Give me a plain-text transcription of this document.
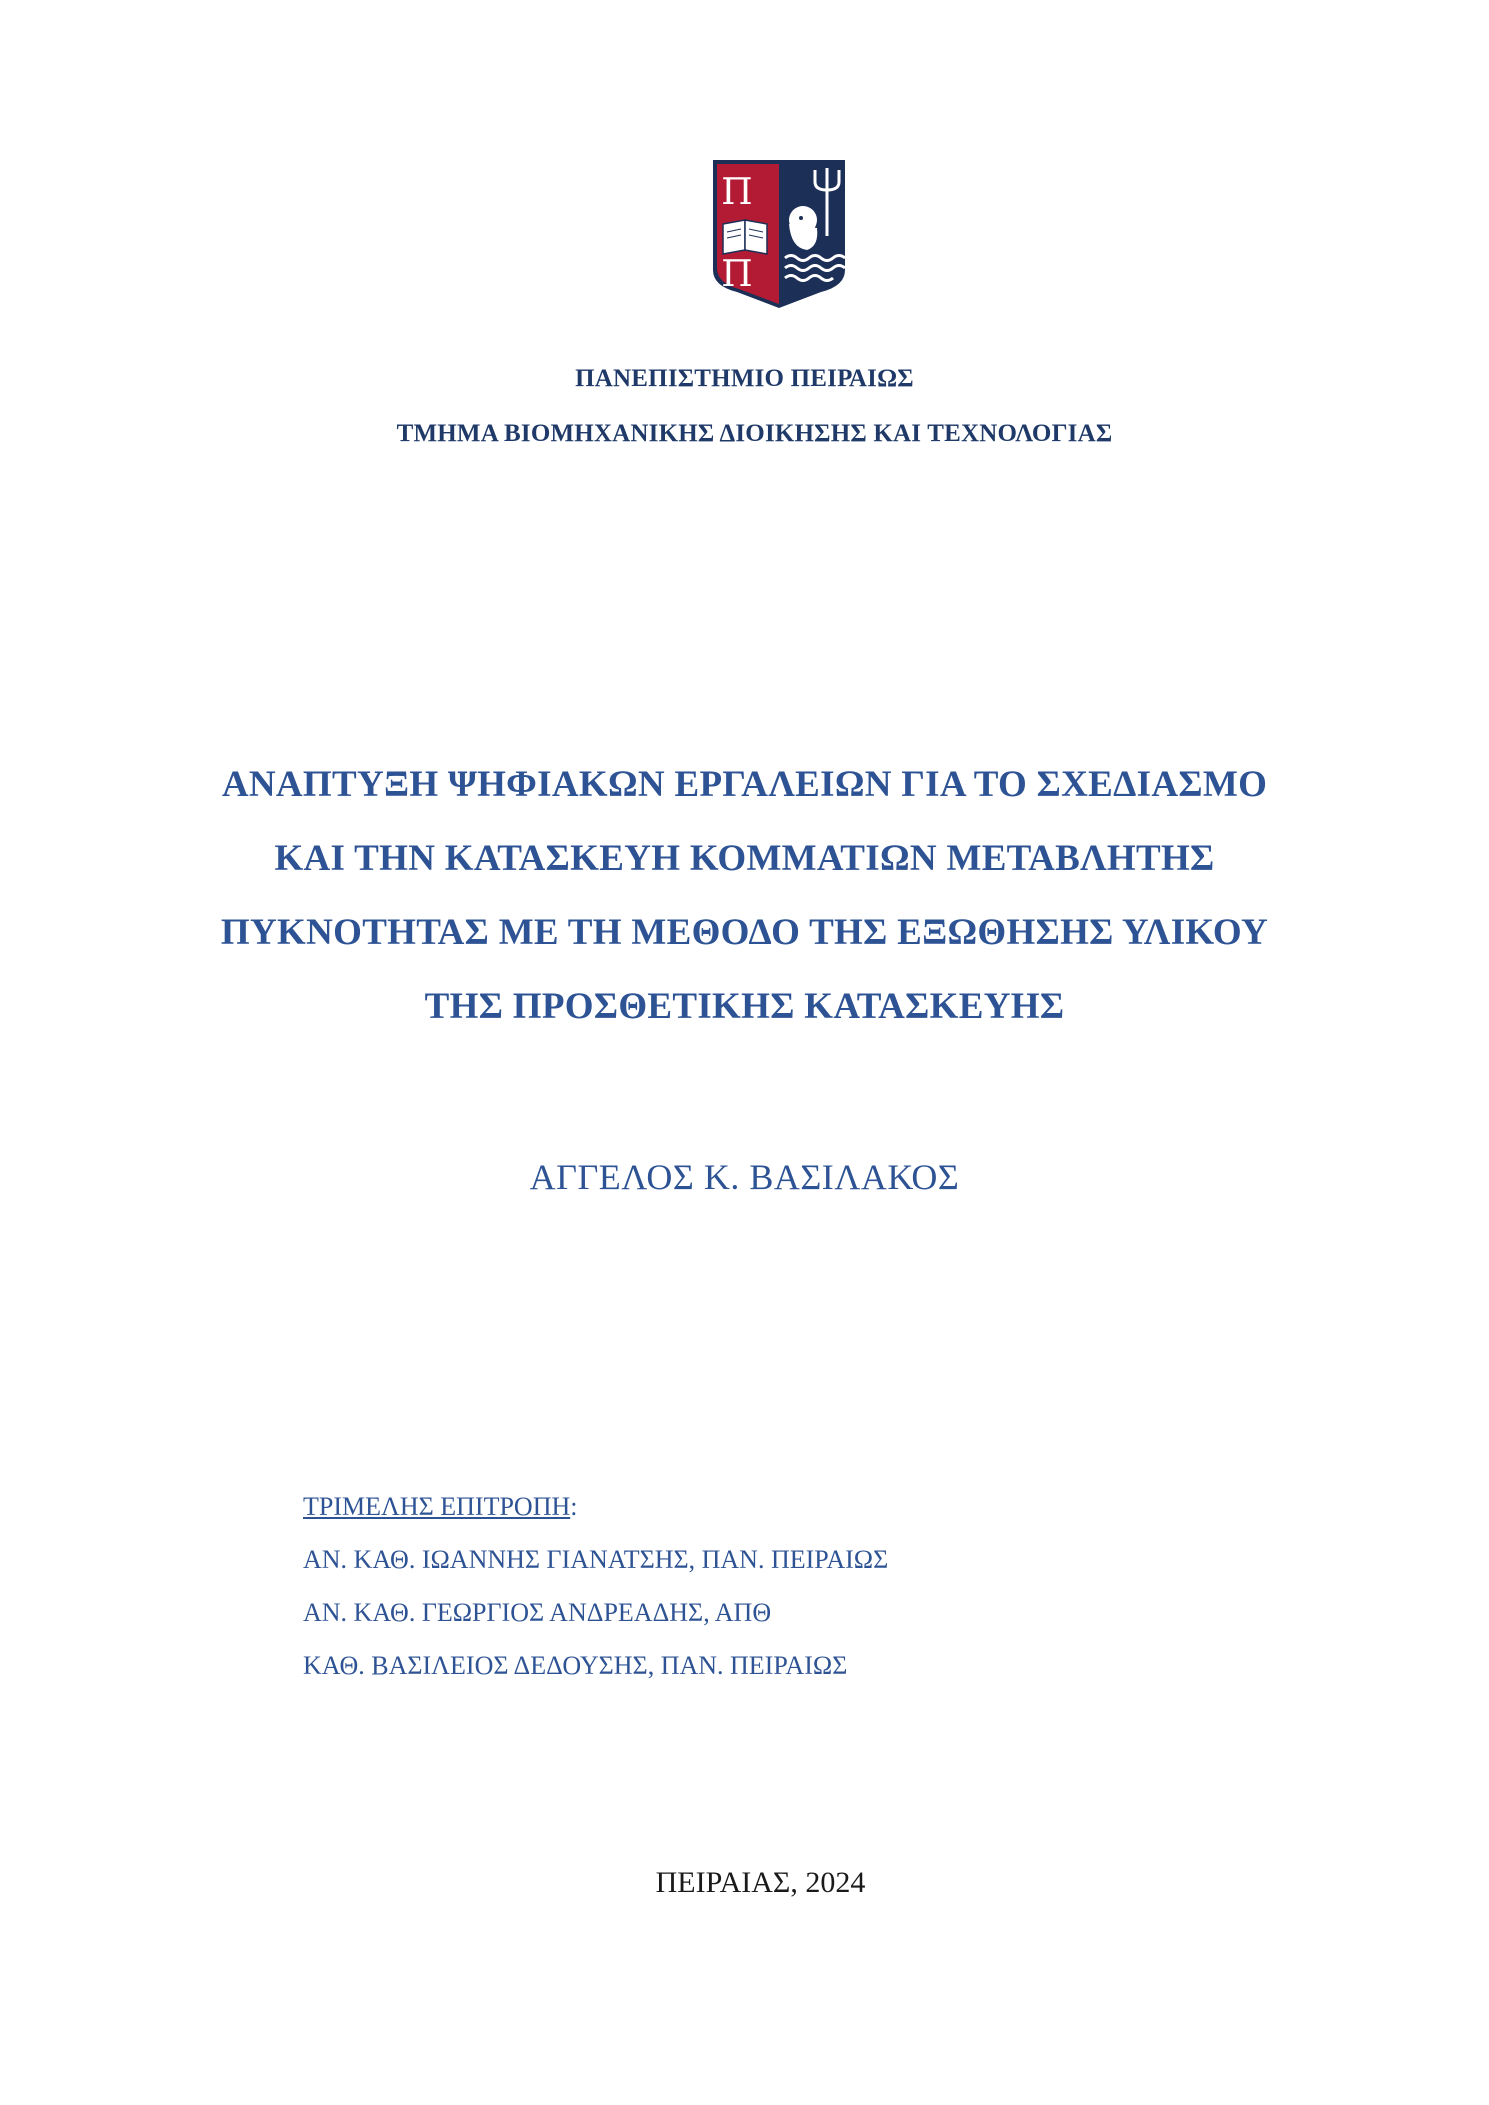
Π
Π
ΠΑΝΕΠΙΣΤΗΜΙΟ ΠΕΙΡΑΙΩΣ
ΤΜΗΜΑ ΒΙΟΜΗΧΑΝΙΚΗΣ ΔΙΟΙΚΗΣΗΣ ΚΑΙ ΤΕΧΝΟΛΟΓΙΑΣ
ΑΝΑΠΤΥΞΗ ΨΗΦΙΑΚΩΝ ΕΡΓΑΛΕΙΩΝ ΓΙΑ ΤΟ ΣΧΕΔΙΑΣΜΟ
ΚΑΙ ΤΗΝ ΚΑΤΑΣΚΕΥΗ ΚΟΜΜΑΤΙΩΝ ΜΕΤΑΒΛΗΤΗΣ
ΠΥΚΝΟΤΗΤΑΣ ΜΕ ΤΗ ΜΕΘΟΔΟ ΤΗΣ ΕΞΩΘΗΣΗΣ ΥΛΙΚΟΥ
ΤΗΣ ΠΡΟΣΘΕΤΙΚΗΣ ΚΑΤΑΣΚΕΥΗΣ
ΑΓΓΕΛΟΣ Κ. ΒΑΣΙΛΑΚΟΣ
ΤΡΙΜΕΛΗΣ ΕΠΙΤΡΟΠΗ:
ΑΝ. ΚΑΘ. ΙΩΑΝΝΗΣ ΓΙΑΝΑΤΣΗΣ, ΠΑΝ. ΠΕΙΡΑΙΩΣ
ΑΝ. ΚΑΘ. ΓΕΩΡΓΙΟΣ ΑΝΔΡΕΑΔΗΣ, ΑΠΘ
ΚΑΘ. ΒΑΣΙΛΕΙΟΣ ΔΕΔΟΥΣΗΣ, ΠΑΝ. ΠΕΙΡΑΙΩΣ
ΠΕΙΡΑΙΑΣ, 2024
